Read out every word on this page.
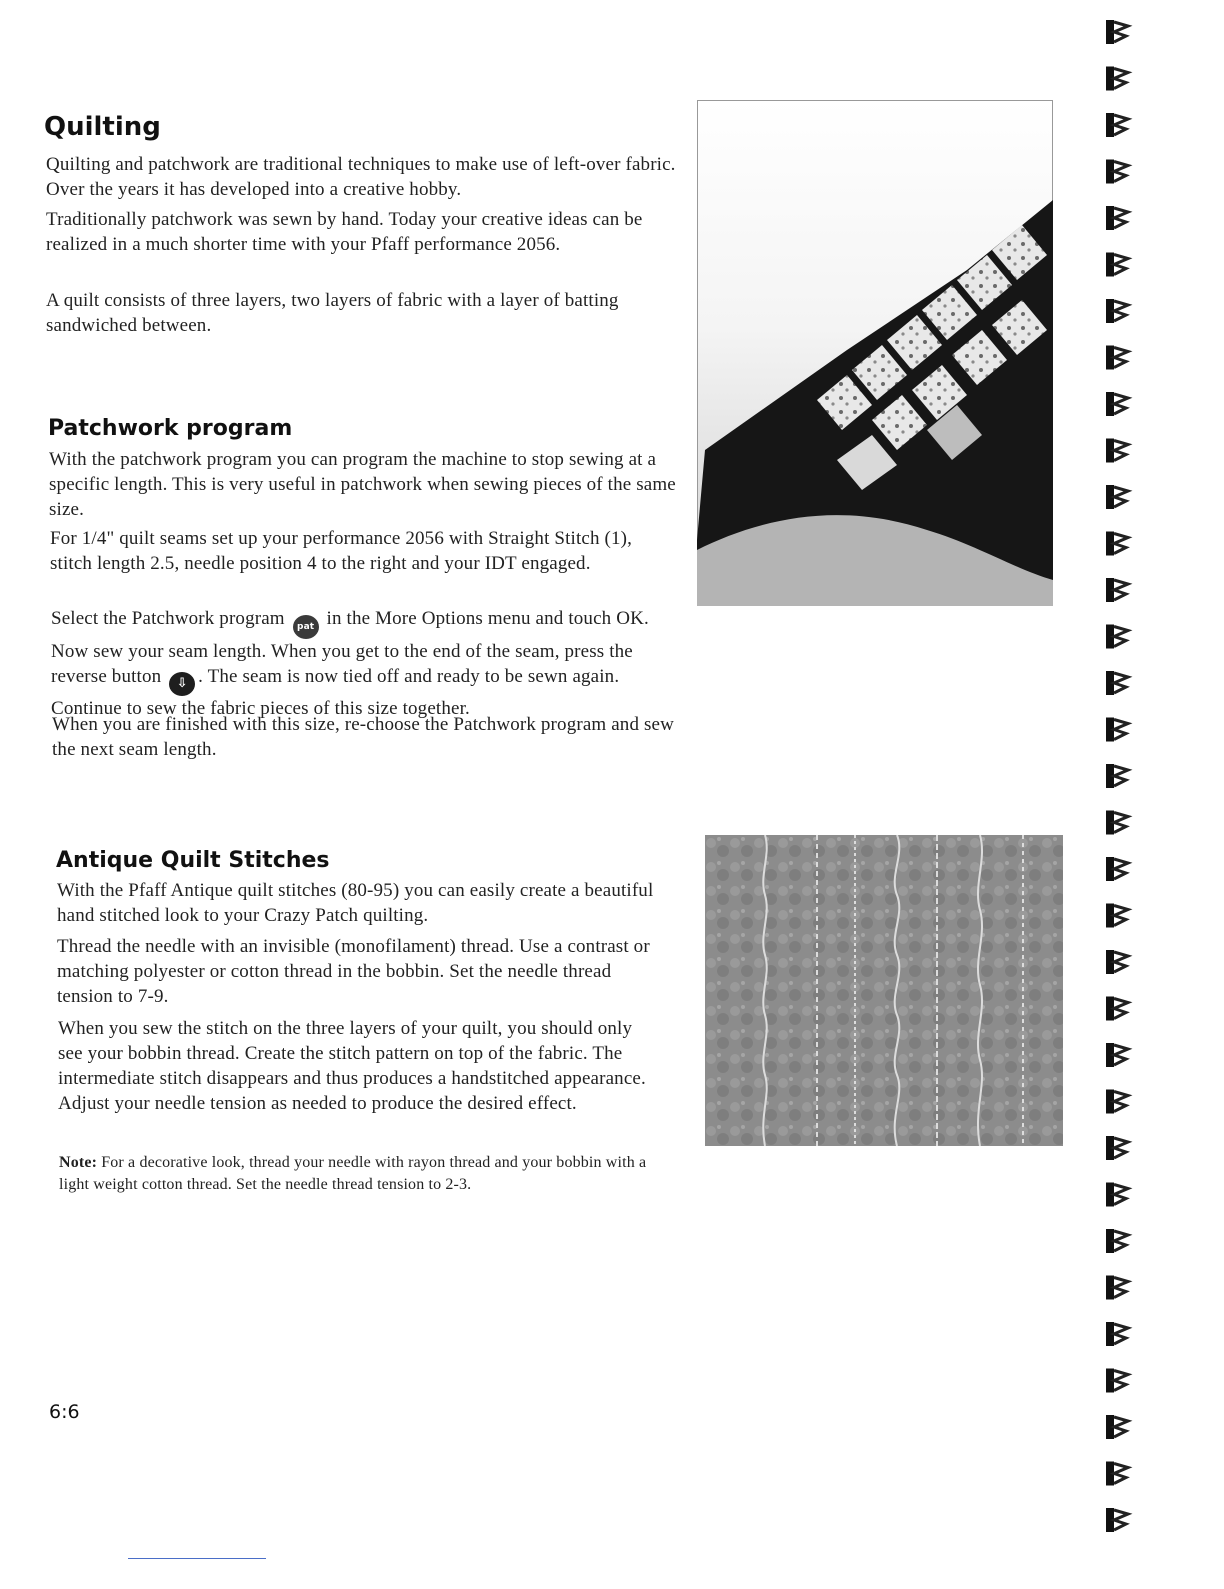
Quilting

Quilting and patchwork are traditional techniques to make use of left-over fabric. Over the years it has developed into a creative hobby.

Traditionally patchwork was sewn by hand. Today your creative ideas can be realized in a much shorter time with your Pfaff performance 2056.

A quilt consists of three layers, two layers of fabric with a layer of batting sandwiched between.

Patchwork program

With the patchwork program you can program the machine to stop sewing at a specific length. This is very useful in patchwork when sewing pieces of the same size.

For 1/4" quilt seams set up your performance 2056 with Straight Stitch (1), stitch length 2.5, needle position 4 to the right and your IDT engaged.

Select the Patchwork program pat in the More Options menu and touch OK. Now sew your seam length. When you get to the end of the seam, press the reverse button ⇩ . The seam is now tied off and ready to be sewn again. Continue to sew the fabric pieces of this size together.

When you are finished with this size, re-choose the Patchwork program and sew the next seam length.

Antique Quilt Stitches

With the Pfaff Antique quilt stitches (80-95) you can easily create a beautiful hand stitched look to your Crazy Patch quilting.

Thread the needle with an invisible (monofilament) thread. Use a contrast or matching polyester or cotton thread in the bobbin. Set the needle thread tension to 7-9.

When you sew the stitch on the three layers of your quilt, you should only see your bobbin thread. Create the stitch pattern on top of the fabric. The intermediate stitch disappears and thus produces a handstitched appearance. Adjust your needle tension as needed to produce the desired effect.

Note: For a decorative look, thread your needle with rayon thread and your bobbin with a light weight cotton thread. Set the needle thread tension to 2-3.

6:6
